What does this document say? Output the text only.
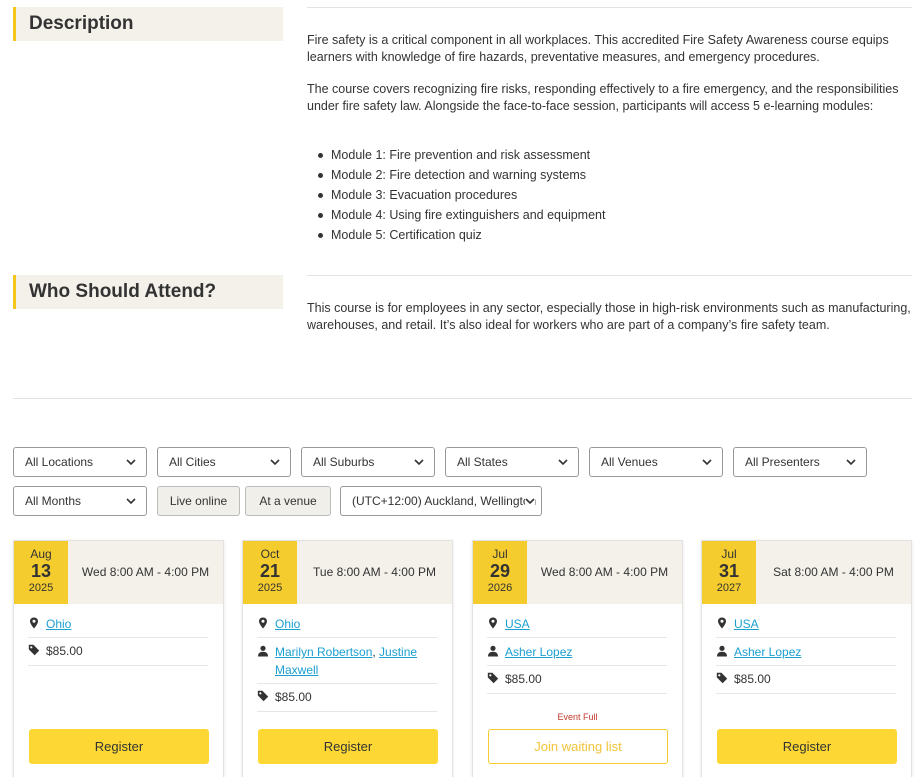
Description

Fire safety is a critical component in all workplaces. This accredited Fire Safety Awareness course equips learners with knowledge of fire hazards, preventative measures, and emergency procedures.

The course covers recognizing fire risks, responding effectively to a fire emergency, and the responsibilities under fire safety law. Alongside the face-to-face session, participants will access 5 e-learning modules:

Module 1: Fire prevention and risk assessment
Module 2: Fire detection and warning systems
Module 3: Evacuation procedures
Module 4: Using fire extinguishers and equipment
Module 5: Certification quiz
Who Should Attend?

This course is for employees in any sector, especially those in high-risk environments such as manufacturing, warehouses, and retail. It’s also ideal for workers who are part of a company’s fire safety team.

All Locations	All Cities	All Suburbs	All States	All Venues	All Presenters
All Months	Live online	At a venue	(UTC+12:00) Auckland, Wellington
Aug
13
2025
Wed 8:00 AM - 4:00 PM
Ohio
$85.00
Register
Oct
21
2025
Tue 8:00 AM - 4:00 PM
Ohio
Marilyn Robertson, Justine Maxwell
$85.00
Register
Jul
29
2026
Wed 8:00 AM - 4:00 PM
USA
Asher Lopez
$85.00
Event Full
Join waiting list
Jul
31
2027
Sat 8:00 AM - 4:00 PM
USA
Asher Lopez
$85.00
Register
